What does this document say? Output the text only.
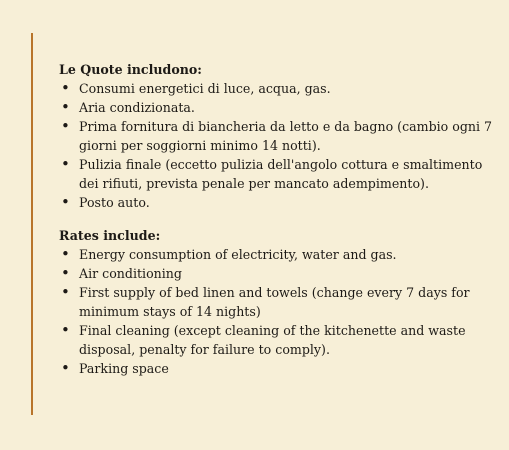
Le Quote includono:

• Consumi energetici di luce, acqua, gas.
• Aria condizionata.
• Prima fornitura di biancheria da letto e da bagno (cambio ogni 7
giorni per soggiorni minimo 14 notti).
• Pulizia finale (eccetto pulizia dell'angolo cottura e smaltimento
dei rifiuti, prevista penale per mancato adempimento).
• Posto auto.

Rates include:

• Energy consumption of electricity, water and gas.
• Air conditioning
• First supply of bed linen and towels (change every 7 days for
minimum stays of 14 nights)
• Final cleaning (except cleaning of the kitchenette and waste
disposal, penalty for failure to comply).
• Parking space
